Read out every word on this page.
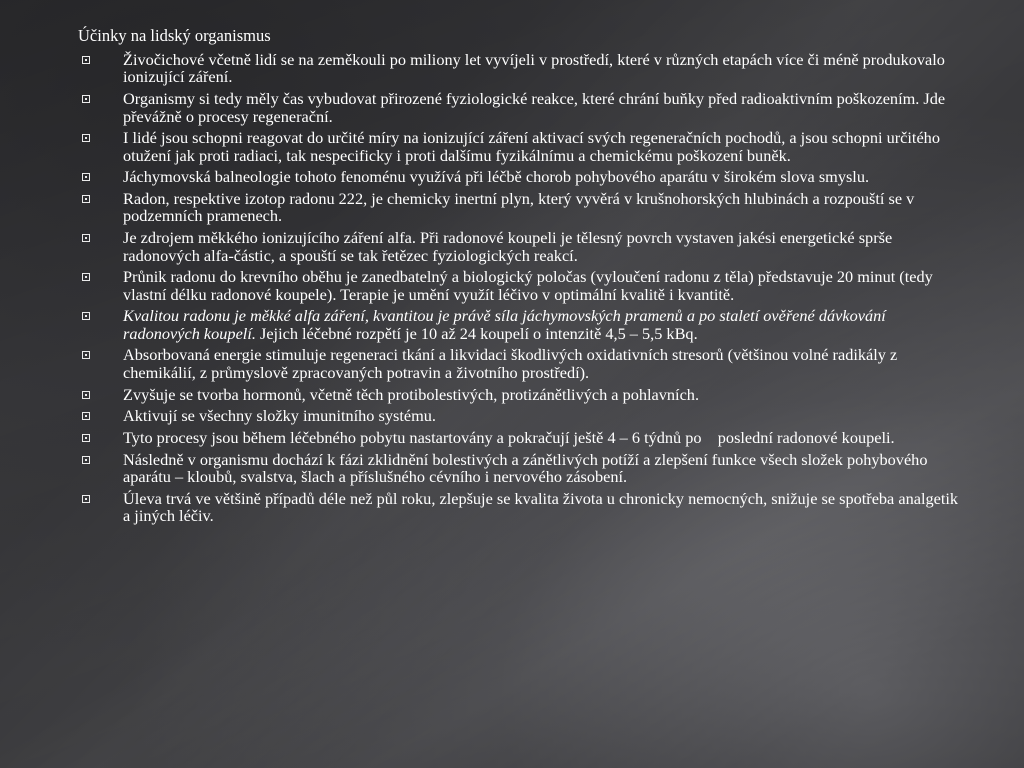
Účinky na lidský organismus
Živočichové včetně lidí se na zeměkouli po miliony let vyvíjeli v prostředí, které v různých etapách více či méně produkovalo ionizující záření.
Organismy si tedy měly čas vybudovat přirozené fyziologické reakce, které chrání buňky před radioaktivním poškozením. Jde převážně o procesy regenerační.
I lidé jsou schopni reagovat do určité míry na ionizující záření aktivací svých regeneračních pochodů, a jsou schopni určitého otužení jak proti radiaci, tak nespecificky i proti dalšímu fyzikálnímu a chemickému poškození buněk.
Jáchymovská balneologie tohoto fenoménu využívá při léčbě chorob pohybového aparátu v širokém slova smyslu.
Radon, respektive izotop radonu 222, je chemicky inertní plyn, který vyvěrá v krušnohorských hlubinách a rozpouští se v podzemních pramenech.
Je zdrojem měkkého ionizujícího záření alfa. Při radonové koupeli je tělesný povrch vystaven jakési energetické sprše radonových alfa-částic, a spouští se tak řetězec fyziologických reakcí.
Průnik radonu do krevního oběhu je zanedbatelný a biologický poločas (vyloučení radonu z těla) představuje 20 minut (tedy vlastní délku radonové koupele). Terapie je umění využít léčivo v optimální kvalitě i kvantitě.
Kvalitou radonu je měkké alfa záření, kvantitou je právě síla jáchymovských pramenů a po staletí ověřené dávkování radonových koupelí. Jejich léčebné rozpětí je 10 až 24 koupelí o intenzitě 4,5 – 5,5 kBq.
Absorbovaná energie stimuluje regeneraci tkání a likvidaci škodlivých oxidativních stresorů (většinou volné radikály z chemikálií, z průmyslově zpracovaných potravin a životního prostředí).
Zvyšuje se tvorba hormonů, včetně těch protibolestivých, protizánětlivých a pohlavních.
Aktivují se všechny složky imunitního systému.
Tyto procesy jsou během léčebného pobytu nastartovány a pokračují ještě 4 – 6 týdnů po    poslední radonové koupeli.
Následně v organismu dochází k fázi zklidnění bolestivých a zánětlivých potíží a zlepšení funkce všech složek pohybového aparátu – kloubů, svalstva, šlach a příslušného cévního i nervového zásobení.
Úleva trvá ve většině případů déle než půl roku, zlepšuje se kvalita života u chronicky nemocných, snižuje se spotřeba analgetik a jiných léčiv.
